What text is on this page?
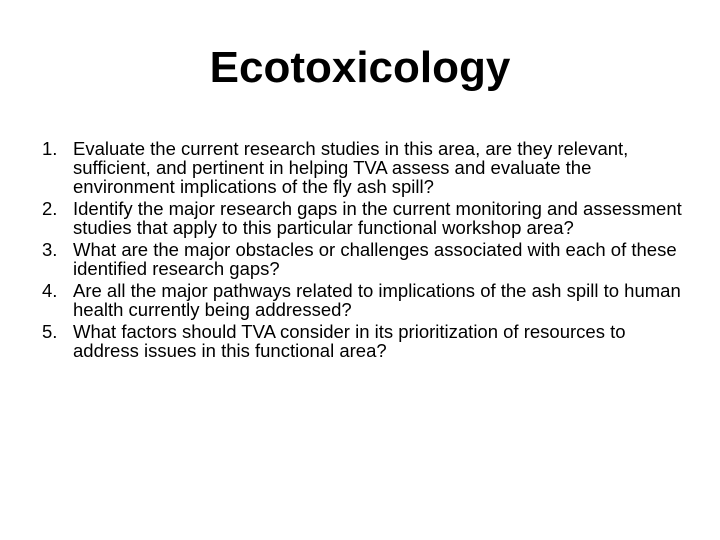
Ecotoxicology
1. Evaluate the current research studies in this area, are they relevant, sufficient, and pertinent in helping TVA assess and evaluate the environment implications of the fly ash spill?
2. Identify the major research gaps in the current monitoring and assessment studies that apply to this particular functional workshop area?
3. What are the major obstacles or challenges associated with each of these identified research gaps?
4. Are all the major pathways related to implications of the ash spill to human health currently being addressed?
5. What factors should TVA consider in its prioritization of resources to address issues in this functional area?
